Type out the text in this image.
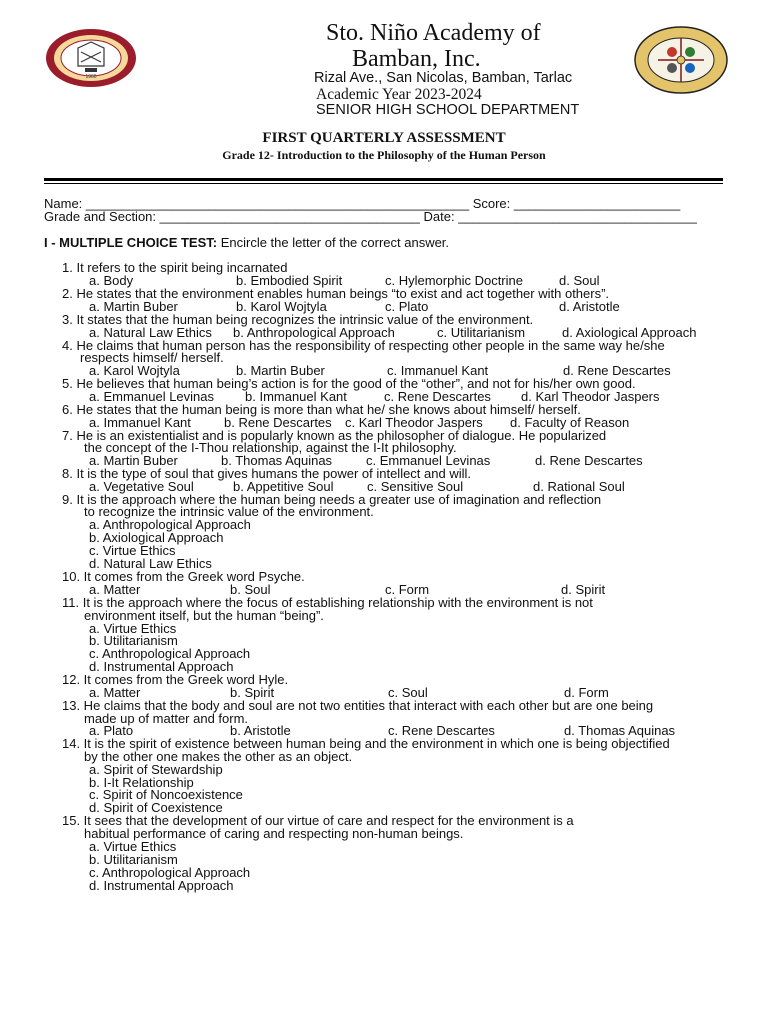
1966
Sto. Niño Academy of
Bamban, Inc.
Rizal Ave., San Nicolas, Bamban, Tarlac
Academic Year 2023-2024
SENIOR HIGH SCHOOL DEPARTMENT
FIRST QUARTERLY ASSESSMENT
Grade 12- Introduction to the Philosophy of the Human Person
Name: _____________________________________________________ Score: _______________________
Grade and Section: ____________________________________ Date: _________________________________
I - MULTIPLE CHOICE TEST: Encircle the letter of the correct answer.
1. It refers to the spirit being incarnated
a. Body	b. Embodied Spirit	c. Hylemorphic Doctrine	d. Soul
2. He states that the environment enables human beings “to exist and act together with others”.
a. Martin Buber	b. Karol Wojtyla	c. Plato	d. Aristotle
3. It states that the human being recognizes the intrinsic value of the environment.
a. Natural Law Ethics b. Anthropological Approach	c. Utilitarianism	d. Axiological Approach
4. He claims that human person has the responsibility of respecting other people in the same way he/she
respects himself/ herself.
a. Karol Wojtyla	b. Martin Buber	c. Immanuel Kant	d. Rene Descartes
5. He believes that human being’s action is for the good of the “other”, and not for his/her own good.
a. Emmanuel Levinas b. Immanuel Kant	c. Rene Descartes d. Karl Theodor Jaspers
6. He states that the human being is more than what he/ she knows about himself/ herself.
a. Immanuel Kant	b. Rene Descartes c. Karl Theodor Jaspers d. Faculty of Reason
7. He is an existentialist and is popularly known as the philosopher of dialogue. He popularized
the concept of the I-Thou relationship, against the I-It philosophy.
a. Martin Buber	b. Thomas Aquinas	c. Emmanuel Levinas	d. Rene Descartes
8. It is the type of soul that gives humans the power of intellect and will.
a. Vegetative Soul	b. Appetitive Soul	c. Sensitive Soul	d. Rational Soul
9. It is the approach where the human being needs a greater use of imagination and reflection
to recognize the intrinsic value of the environment.
a. Anthropological Approach
b. Axiological Approach
c. Virtue Ethics
d. Natural Law Ethics
10. It comes from the Greek word Psyche.
a. Matter	b. Soul	c. Form	d. Spirit
11. It is the approach where the focus of establishing relationship with the environment is not
environment itself, but the human “being”.
a. Virtue Ethics
b. Utilitarianism
c. Anthropological Approach
d. Instrumental Approach
12. It comes from the Greek word Hyle.
a. Matter	b. Spirit	c. Soul	d. Form
13. He claims that the body and soul are not two entities that interact with each other but are one being
made up of matter and form.
a. Plato	b. Aristotle	c. Rene Descartes	d. Thomas Aquinas
14. It is the spirit of existence between human being and the environment in which one is being objectified
by the other one makes the other as an object.
a. Spirit of Stewardship
b. I-It Relationship
c. Spirit of Noncoexistence
d. Spirit of Coexistence
15. It sees that the development of our virtue of care and respect for the environment is a
habitual performance of caring and respecting non-human beings.
a. Virtue Ethics
b. Utilitarianism
c. Anthropological Approach
d. Instrumental Approach
